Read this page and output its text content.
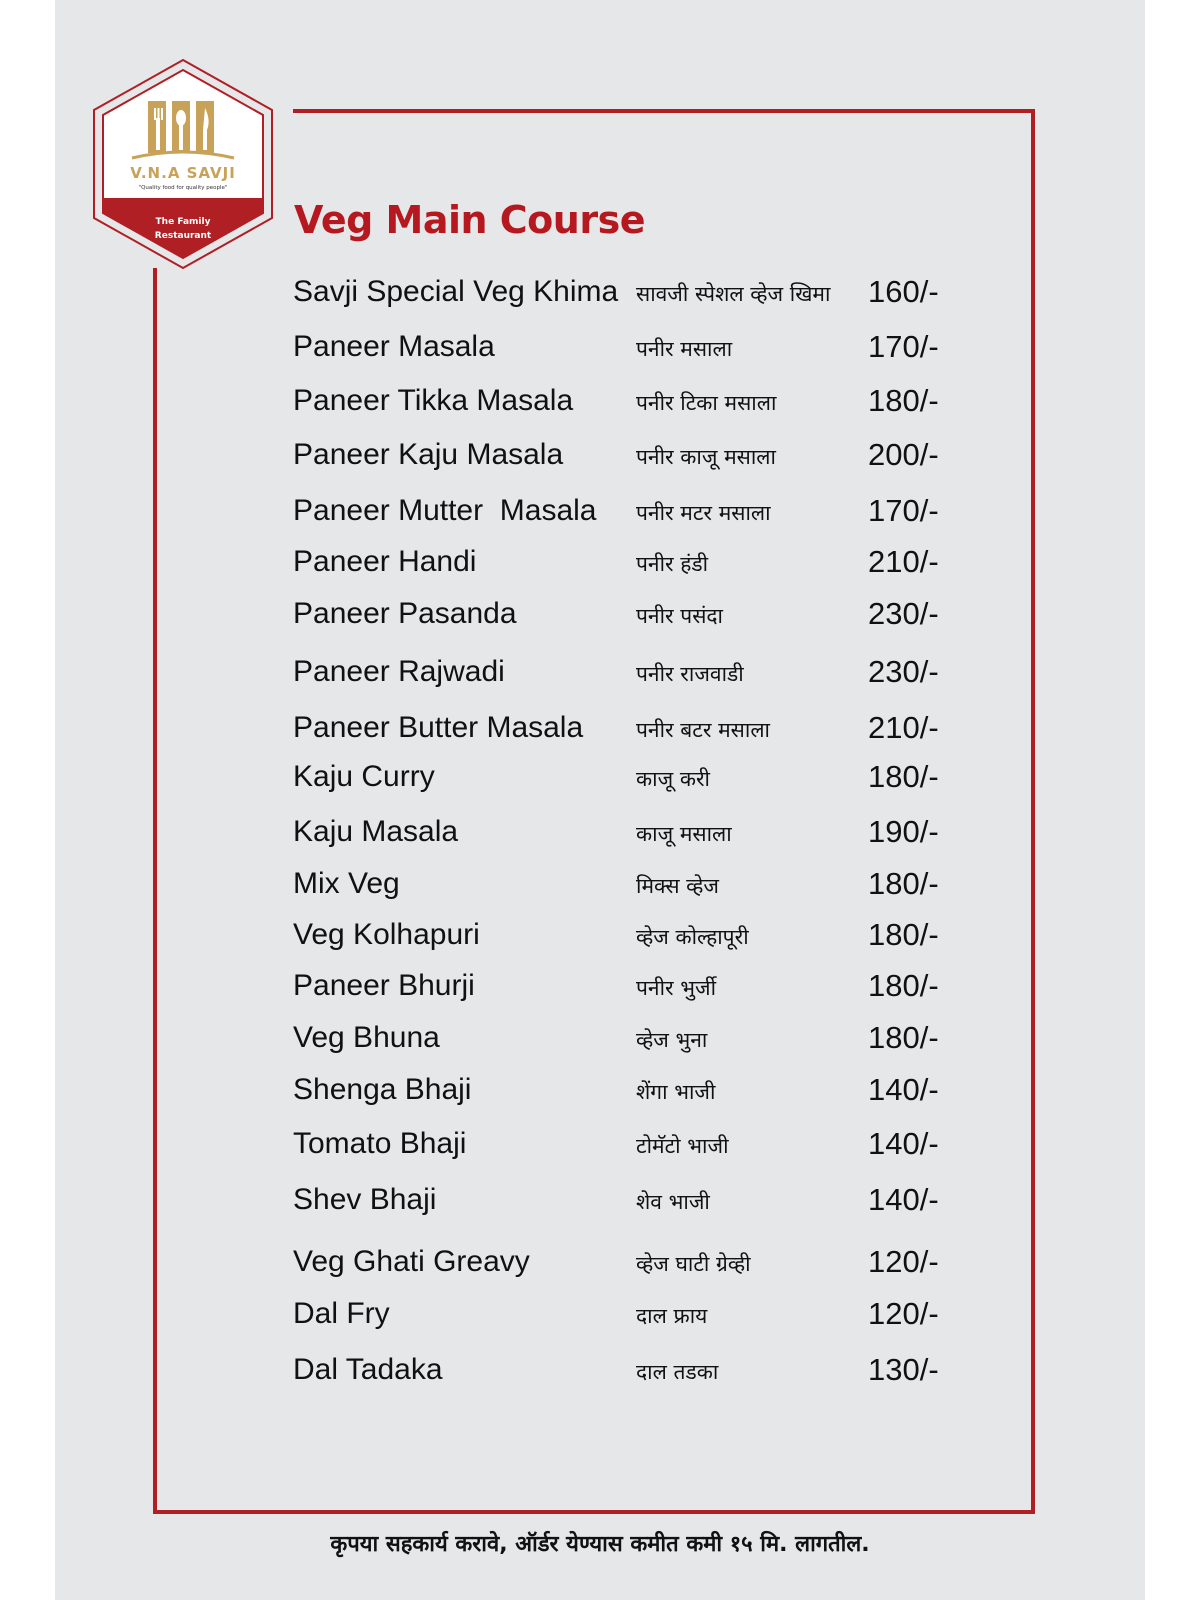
V.N.A SAVJI
"Quality food for quality people"
The Family
Restaurant	Veg Main Course
Savji Special Veg Khima सावजी स्पेशल व्हेज खिमा 160/-
Paneer Masala	पनीर मसाला	170/-
Paneer Tikka Masala	पनीर टिका मसाला	180/-
Paneer Kaju Masala	पनीर काजू मसाला	200/-
Paneer Mutter  Masala पनीर मटर मसाला	170/-
Paneer Handi	पनीर हंडी	210/-
Paneer Pasanda	पनीर पसंदा	230/-
Paneer Rajwadi	पनीर राजवाडी	230/-
Paneer Butter Masala	पनीर बटर मसाला	210/-
Kaju Curry	काजू करी	180/-
Kaju Masala	काजू मसाला	190/-
Mix Veg	मिक्स व्हेज	180/-
Veg Kolhapuri	व्हेज कोल्हापूरी	180/-
Paneer Bhurji	पनीर भुर्जी	180/-
Veg Bhuna	व्हेज भुना	180/-
Shenga Bhaji	शेंगा भाजी	140/-
Tomato Bhaji	टोमॅटो भाजी	140/-
Shev Bhaji	शेव भाजी	140/-
Veg Ghati Greavy	व्हेज घाटी ग्रेव्ही	120/-
Dal Fry	दाल फ्राय	120/-
Dal Tadaka	दाल तडका	130/-
कृपया सहकार्य करावे, ऑर्डर येण्यास कमीत कमी १५ मि. लागतील.
